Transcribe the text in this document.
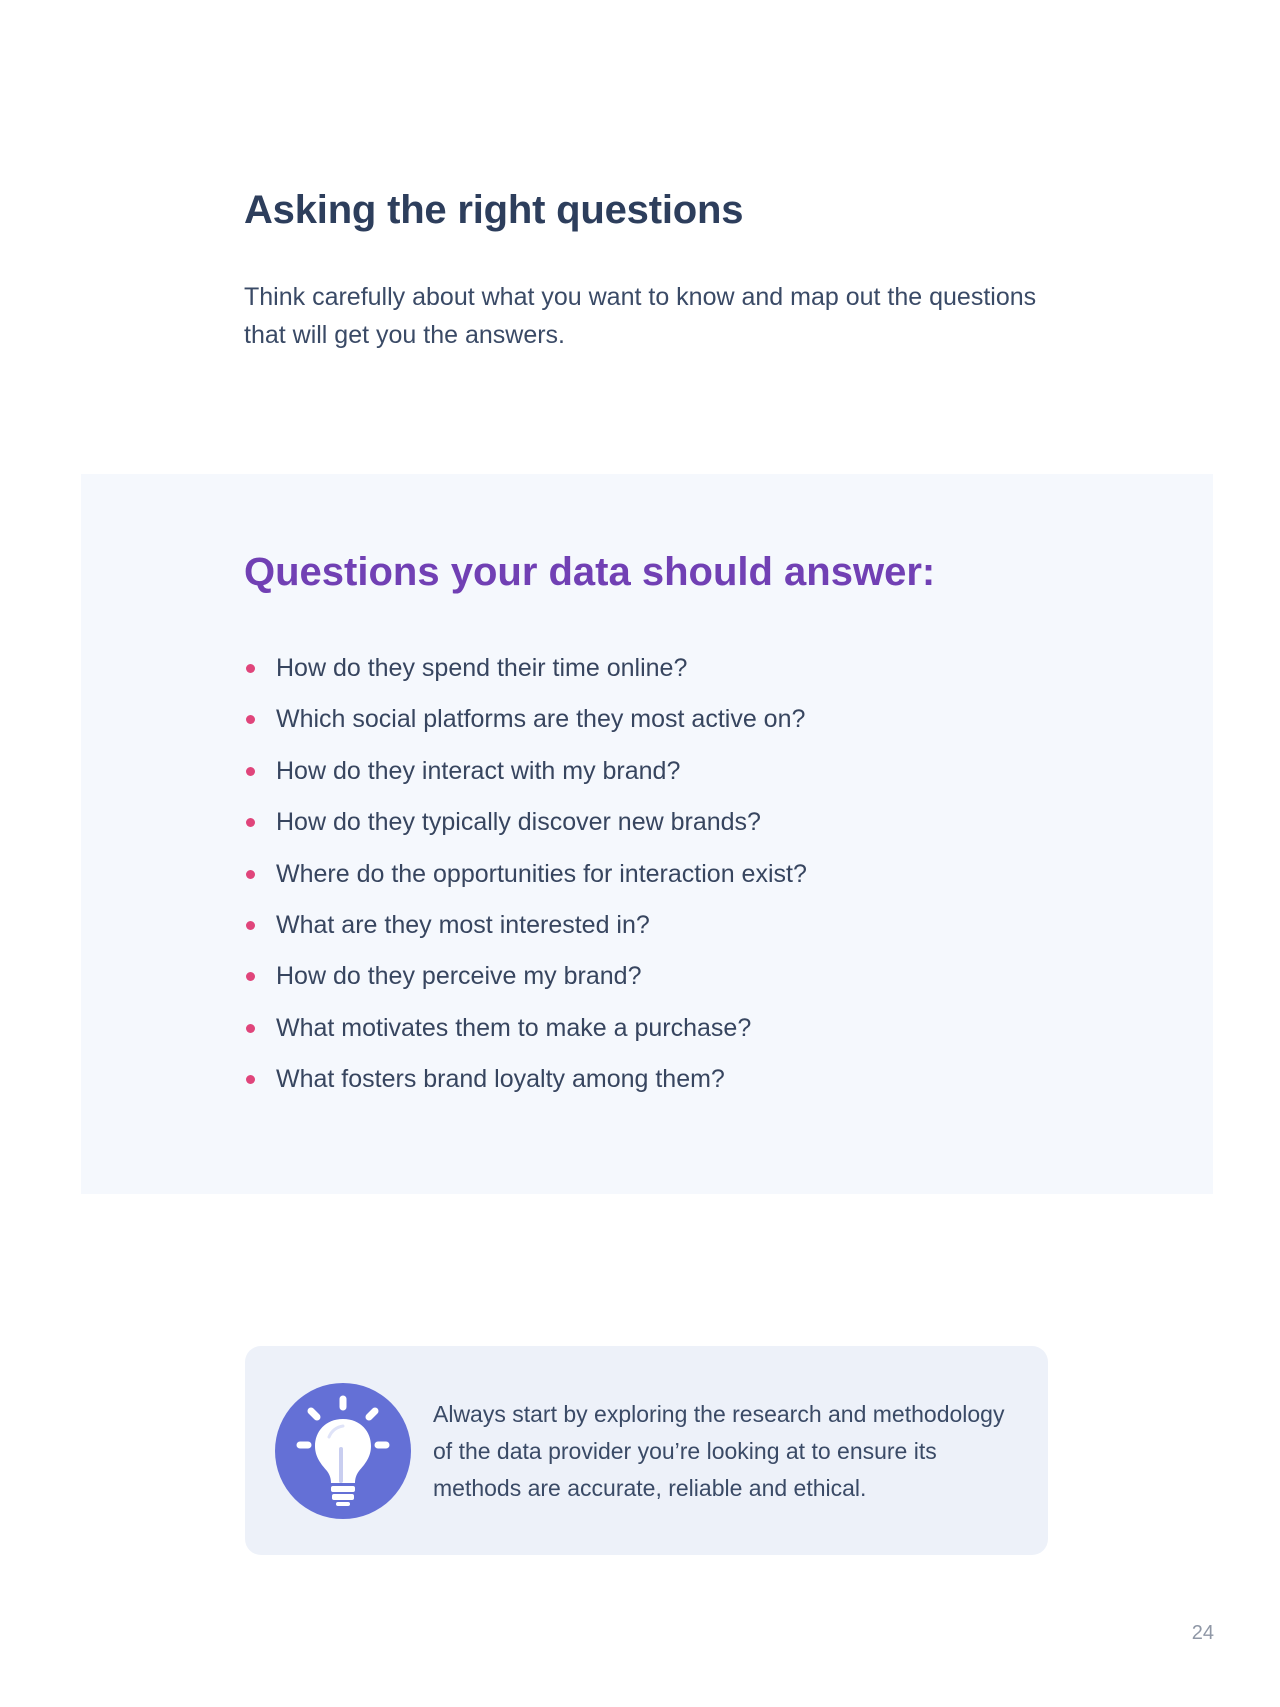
Asking the right questions

Think carefully about what you want to know and map out the questions that will get you the answers.

Questions your data should answer:
How do they spend their time online?
Which social platforms are they most active on?
How do they interact with my brand?
How do they typically discover new brands?
Where do the opportunities for interaction exist?
What are they most interested in?
How do they perceive my brand?
What motivates them to make a purchase?
What fosters brand loyalty among them?

Always start by exploring the research and methodology of the data provider you’re looking at to ensure its methods are accurate, reliable and ethical.

24
